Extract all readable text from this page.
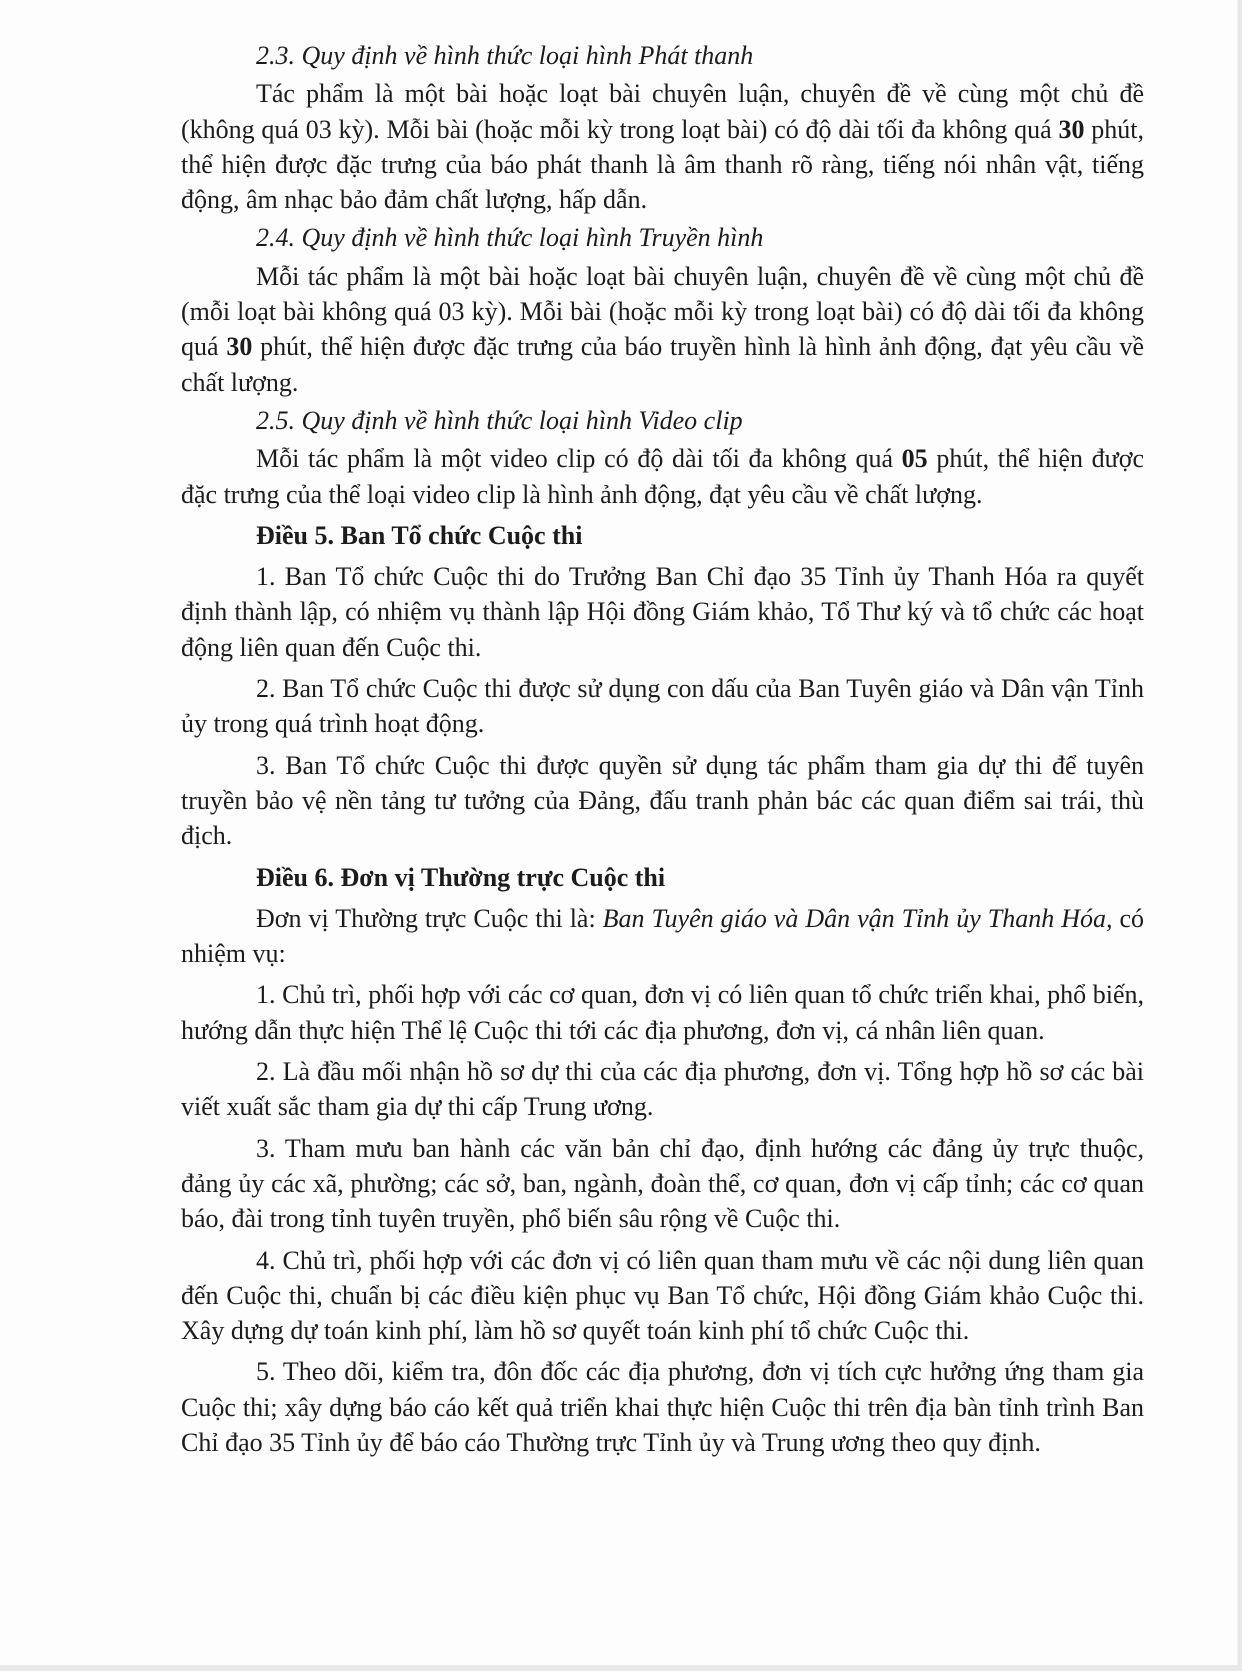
2.3. Quy định về hình thức loại hình Phát thanh

Tác phẩm là một bài hoặc loạt bài chuyên luận, chuyên đề về cùng một chủ đề (không quá 03 kỳ). Mỗi bài (hoặc mỗi kỳ trong loạt bài) có độ dài tối đa không quá 30 phút, thể hiện được đặc trưng của báo phát thanh là âm thanh rõ ràng, tiếng nói nhân vật, tiếng động, âm nhạc bảo đảm chất lượng, hấp dẫn.

2.4. Quy định về hình thức loại hình Truyền hình

Mỗi tác phẩm là một bài hoặc loạt bài chuyên luận, chuyên đề về cùng một chủ đề (mỗi loạt bài không quá 03 kỳ). Mỗi bài (hoặc mỗi kỳ trong loạt bài) có độ dài tối đa không quá 30 phút, thể hiện được đặc trưng của báo truyền hình là hình ảnh động, đạt yêu cầu về chất lượng.

2.5. Quy định về hình thức loại hình Video clip

Mỗi tác phẩm là một video clip có độ dài tối đa không quá 05 phút, thể hiện được đặc trưng của thể loại video clip là hình ảnh động, đạt yêu cầu về chất lượng.

Điều 5. Ban Tổ chức Cuộc thi

1. Ban Tổ chức Cuộc thi do Trưởng Ban Chỉ đạo 35 Tỉnh ủy Thanh Hóa ra quyết định thành lập, có nhiệm vụ thành lập Hội đồng Giám khảo, Tổ Thư ký và tổ chức các hoạt động liên quan đến Cuộc thi.

2. Ban Tổ chức Cuộc thi được sử dụng con dấu của Ban Tuyên giáo và Dân vận Tỉnh ủy trong quá trình hoạt động.

3. Ban Tổ chức Cuộc thi được quyền sử dụng tác phẩm tham gia dự thi để tuyên truyền bảo vệ nền tảng tư tưởng của Đảng, đấu tranh phản bác các quan điểm sai trái, thù địch.

Điều 6. Đơn vị Thường trực Cuộc thi

Đơn vị Thường trực Cuộc thi là: Ban Tuyên giáo và Dân vận Tỉnh ủy Thanh Hóa, có nhiệm vụ:

1. Chủ trì, phối hợp với các cơ quan, đơn vị có liên quan tổ chức triển khai, phổ biến, hướng dẫn thực hiện Thể lệ Cuộc thi tới các địa phương, đơn vị, cá nhân liên quan.

2. Là đầu mối nhận hồ sơ dự thi của các địa phương, đơn vị. Tổng hợp hồ sơ các bài viết xuất sắc tham gia dự thi cấp Trung ương.

3. Tham mưu ban hành các văn bản chỉ đạo, định hướng các đảng ủy trực thuộc, đảng ủy các xã, phường; các sở, ban, ngành, đoàn thể, cơ quan, đơn vị cấp tỉnh; các cơ quan báo, đài trong tỉnh tuyên truyền, phổ biến sâu rộng về Cuộc thi.

4. Chủ trì, phối hợp với các đơn vị có liên quan tham mưu về các nội dung liên quan đến Cuộc thi, chuẩn bị các điều kiện phục vụ Ban Tổ chức, Hội đồng Giám khảo Cuộc thi. Xây dựng dự toán kinh phí, làm hồ sơ quyết toán kinh phí tổ chức Cuộc thi.

5. Theo dõi, kiểm tra, đôn đốc các địa phương, đơn vị tích cực hưởng ứng tham gia Cuộc thi; xây dựng báo cáo kết quả triển khai thực hiện Cuộc thi trên địa bàn tỉnh trình Ban Chỉ đạo 35 Tỉnh ủy để báo cáo Thường trực Tỉnh ủy và Trung ương theo quy định.
